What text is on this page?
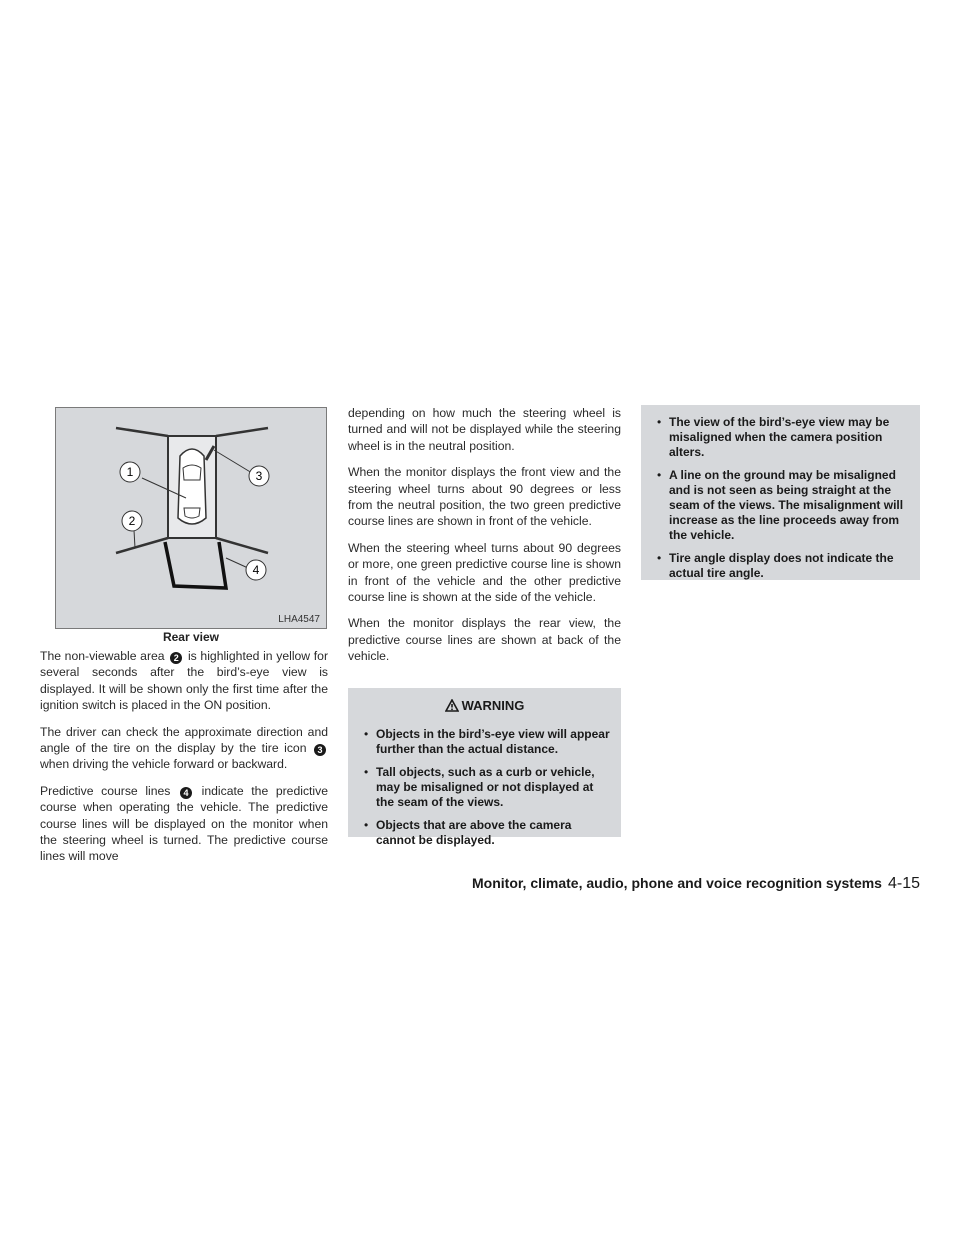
1
2
3
4
LHA4547
Rear view

The non-viewable area 2 is highlighted in yellow for several seconds after the bird’s-eye view is displayed. It will be shown only the first time after the ignition switch is placed in the ON position.

The driver can check the approximate direction and angle of the tire on the display by the tire icon 3 when driving the vehicle forward or backward.

Predictive course lines 4 indicate the predictive course when operating the vehicle. The predictive course lines will be displayed on the monitor when the steering wheel is turned. The predictive course lines will move

depending on how much the steering wheel is turned and will not be displayed while the steering wheel is in the neutral position.

When the monitor displays the front view and the steering wheel turns about 90 degrees or less from the neutral position, the two green predictive course lines are shown in front of the vehicle.

When the steering wheel turns about 90 degrees or more, one green predictive course line is shown in front of the vehicle and the other predictive course line is shown at the side of the vehicle.

When the monitor displays the rear view, the predictive course lines are shown at back of the vehicle.

WARNING
• Objects in the bird’s-eye view will appear further than the actual distance.
• Tall objects, such as a curb or vehicle, may be misaligned or not displayed at the seam of the views.
• Objects that are above the camera cannot be displayed.
• The view of the bird’s-eye view may be misaligned when the camera position alters.
• A line on the ground may be misaligned and is not seen as being straight at the seam of the views. The misalignment will increase as the line proceeds away from the vehicle.
• Tire angle display does not indicate the actual tire angle.
Monitor, climate, audio, phone and voice recognition systems 4-15
